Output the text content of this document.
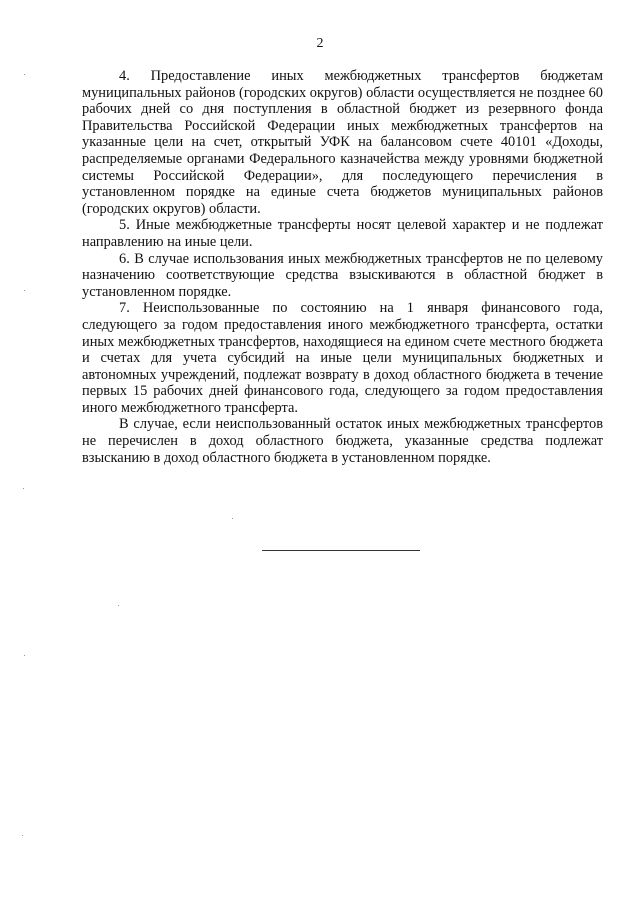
2

4. Предоставление иных межбюджетных трансфертов бюджетам муниципальных районов (городских округов) области осуществляется не позднее 60 рабочих дней со дня поступления в областной бюджет из резервного фонда Правительства Российской Федерации иных межбюджетных трансфертов на указанные цели на счет, открытый УФК на балансовом счете 40101 «Доходы, распределяемые органами Федерального казначейства между уровнями бюджетной системы Российской Федерации», для последующего перечисления в установленном порядке на единые счета бюджетов муниципальных районов (городских округов) области.

5. Иные межбюджетные трансферты носят целевой характер и не подлежат направлению на иные цели.

6. В случае использования иных межбюджетных трансфертов не по целевому назначению соответствующие средства взыскиваются в областной бюджет в установленном порядке.

7. Неиспользованные по состоянию на 1 января финансового года, следующего за годом предоставления иного межбюджетного трансферта, остатки иных межбюджетных трансфертов, находящиеся на едином счете местного бюджета и счетах для учета субсидий на иные цели муниципальных бюджетных и автономных учреждений, подлежат возврату в доход областного бюджета в течение первых 15 рабочих дней финансового года, следующего за годом предоставления иного межбюджетного трансферта.

В случае, если неиспользованный остаток иных межбюджетных трансфертов не перечислен в доход областного бюджета, указанные средства подлежат взысканию в доход областного бюджета в установленном порядке.
